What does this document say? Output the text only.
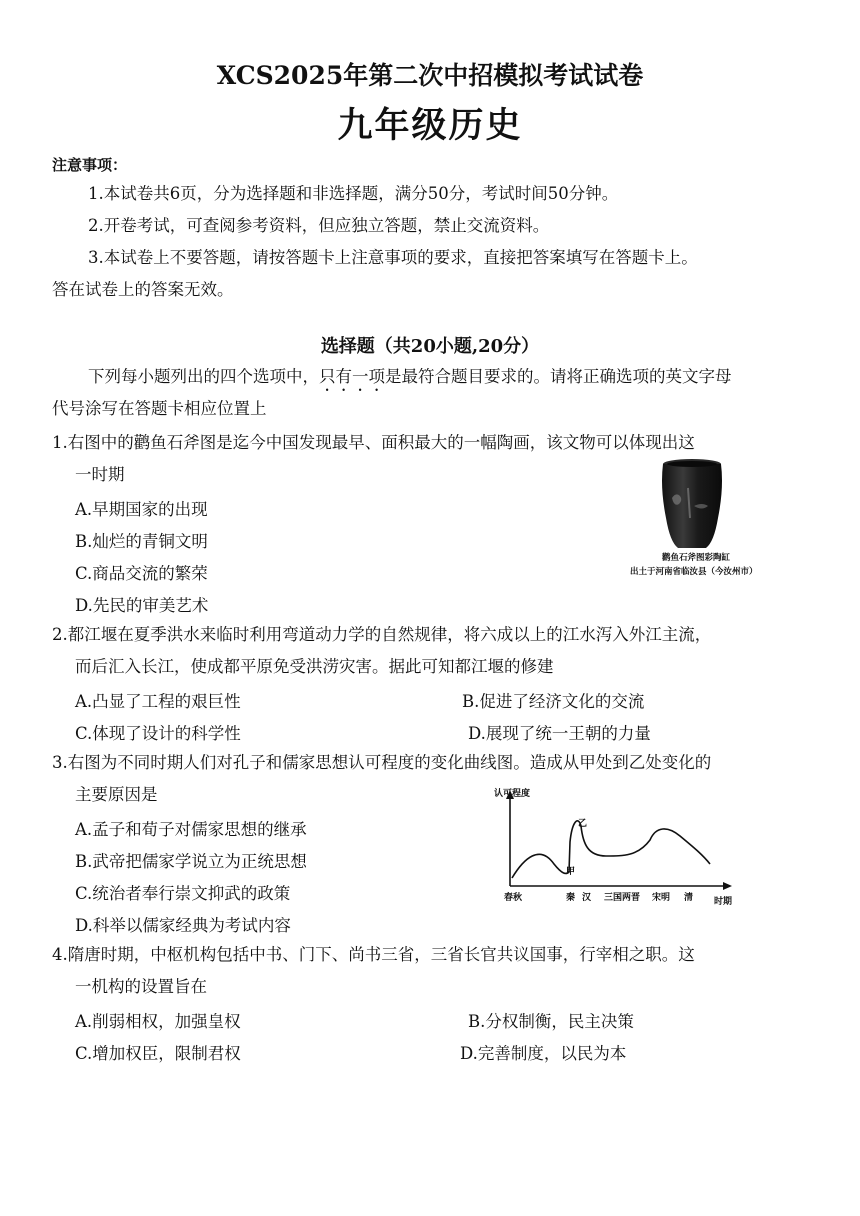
XCS2025年第二次中招模拟考试试卷
九年级历史
注意事项：
1.本试卷共6页，分为选择题和非选择题，满分50分，考试时间50分钟。
2.开卷考试，可查阅参考资料，但应独立答题，禁止交流资料。
3.本试卷上不要答题，请按答题卡上注意事项的要求，直接把答案填写在答题卡上。
答在试卷上的答案无效。
选择题（共20小题,20分）
下列每小题列出的四个选项中，只有一项是最符合题目要求的。请将正确选项的英文字母
代号涂写在答题卡相应位置上
1.右图中的鹳鱼石斧图是迄今中国发现最早、面积最大的一幅陶画，该文物可以体现出这
一时期
A.早期国家的出现
B.灿烂的青铜文明
C.商品交流的繁荣
D.先民的审美艺术
鹳鱼石斧图彩陶缸
出土于河南省临汝县（今汝州市）
2.都江堰在夏季洪水来临时利用弯道动力学的自然规律，将六成以上的江水泻入外江主流，
而后汇入长江，使成都平原免受洪涝灾害。据此可知都江堰的修建
A.凸显了工程的艰巨性	B.促进了经济文化的交流
C.体现了设计的科学性	D.展现了统一王朝的力量
3.右图为不同时期人们对孔子和儒家思想认可程度的变化曲线图。造成从甲处到乙处变化的
主要原因是
A.孟子和荀子对儒家思想的继承
B.武帝把儒家学说立为正统思想
C.统治者奉行崇文抑武的政策
D.科举以儒家经典为考试内容
认可程度
时期
甲
乙
春秋	秦 汉 三国两晋 宋明 清
4.隋唐时期，中枢机构包括中书、门下、尚书三省，三省长官共议国事，行宰相之职。这
一机构的设置旨在
A.削弱相权，加强皇权	B.分权制衡，民主决策
C.增加权臣，限制君权	D.完善制度，以民为本
